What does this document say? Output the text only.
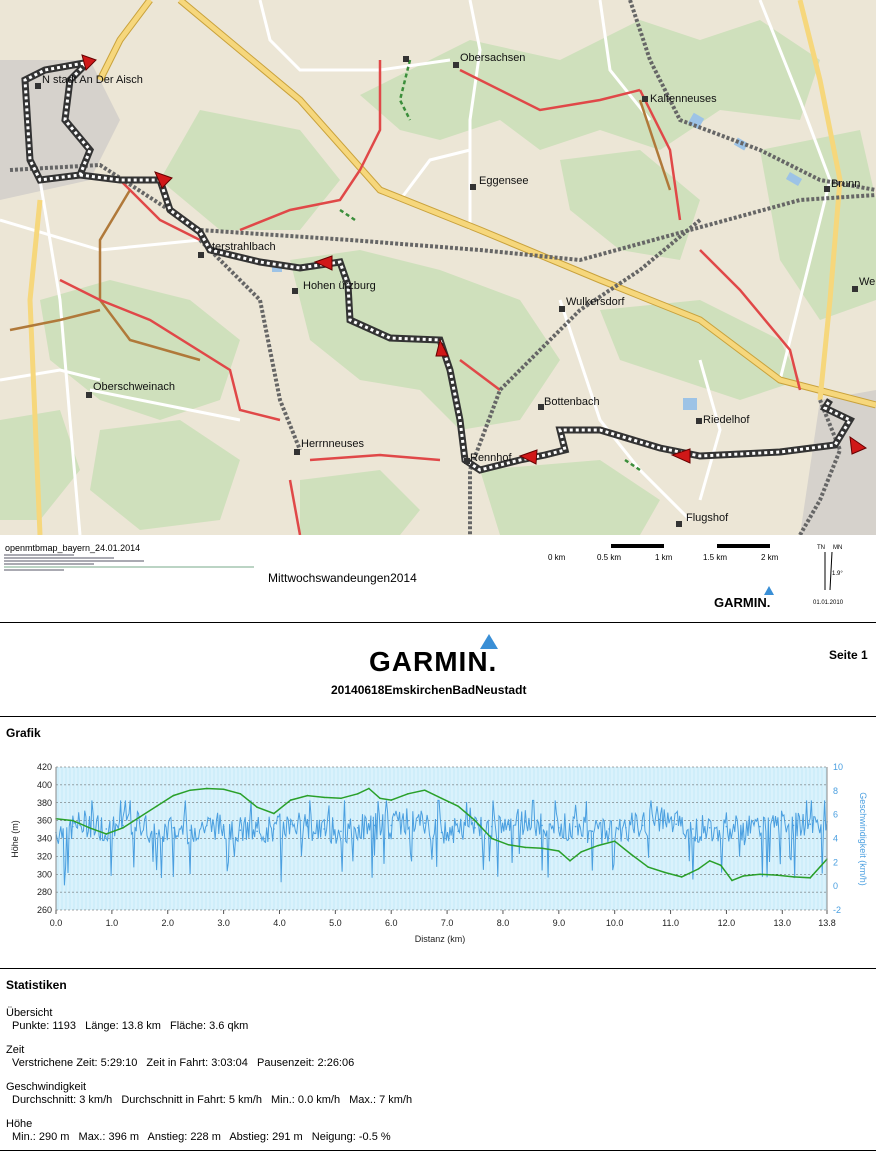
N stadt An Der Aisch
Obersachsen
Kaltenneuses
Eggensee	Brunn
terstrahlbach
Hohen ürzburg
Wulkersdorf
We
Oberschweinach
Bottenbach
Riedelhof
Herrnneuses
Rennhof
Flugshof
openmtbmap_bayern_24.01.2014
Mittwochswandeungen2014
0 km	0.5 km	1 km	1.5 km	2 km
TN MN
1.9°
01.01.2010
GARMIN.
GARMIN.	Seite 1
20140618EmskirchenBadNeustadt
Grafik
0.0	1.0	2.0	3.0	4.0	5.0	6.0	7.0	8.0	9.0	10.0	11.0	12.0	13.0	13.8
420
400
380
360
340
320
300
280
260
10
8
6
4
2
0
-2
Distanz (km)
Höhe (m)	Geschwindigkeit (km/h)
Statistiken
Übersicht
Punkte: 1193 Länge: 13.8 km Fläche: 3.6 qkm
Zeit
Verstrichene Zeit: 5:29:10 Zeit in Fahrt: 3:03:04 Pausenzeit: 2:26:06
Geschwindigkeit
Durchschnitt: 3 km/h Durchschnitt in Fahrt: 5 km/h Min.: 0.0 km/h Max.: 7 km/h
Höhe
Min.: 290 m Max.: 396 m Anstieg: 228 m Abstieg: 291 m Neigung: -0.5 %
